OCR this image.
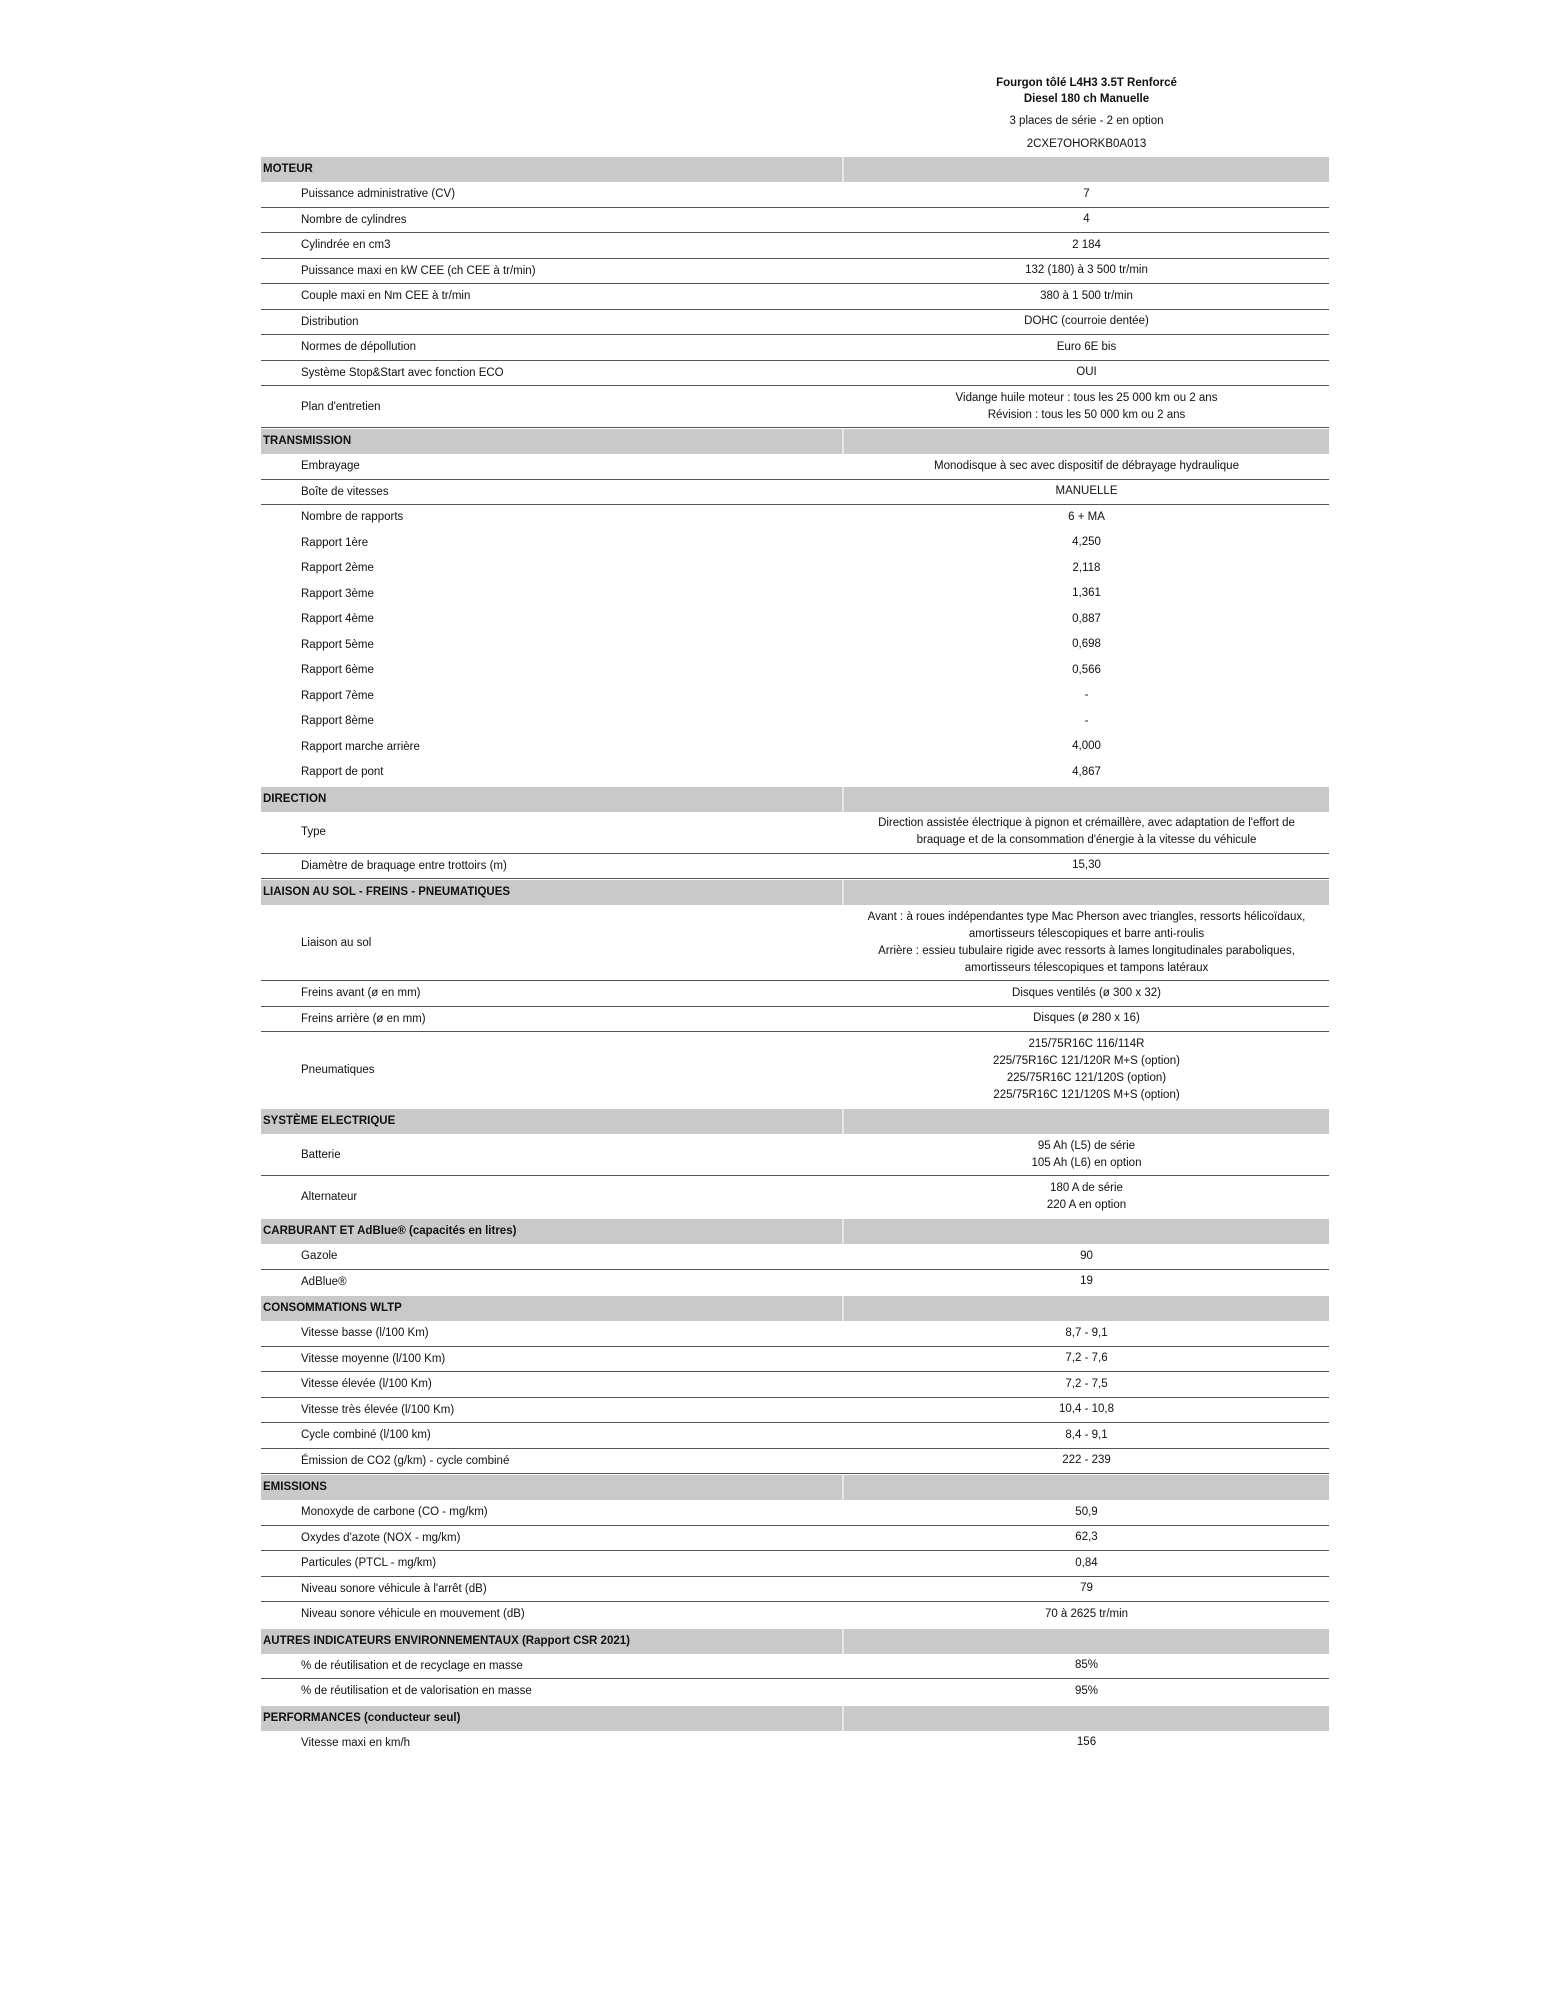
Fourgon tôlé L4H3 3.5T Renforcé
Diesel 180 ch Manuelle
3 places de série - 2 en option
2CXE7OHORKB0A013
MOTEUR
Puissance administrative (CV)	7
Nombre de cylindres	4
Cylindrée en cm3	2 184
Puissance maxi en kW CEE (ch CEE à tr/min)	132 (180) à 3 500 tr/min
Couple maxi en Nm CEE à tr/min	380 à 1 500 tr/min
Distribution	DOHC (courroie dentée)
Normes de dépollution	Euro 6E bis
Système Stop&Start avec fonction ECO	OUI
Plan d'entretien
Vidange huile moteur : tous les 25 000 km ou 2 ans
Révision : tous les 50 000 km ou 2 ans
TRANSMISSION
Embrayage	Monodisque à sec avec dispositif de débrayage hydraulique
Boîte de vitesses	MANUELLE
Nombre de rapports	6 + MA
Rapport 1ère	4,250
Rapport 2ème	2,118
Rapport 3ème	1,361
Rapport 4ème	0,887
Rapport 5ème	0,698
Rapport 6ème	0,566
Rapport 7ème	-
Rapport 8ème	-
Rapport marche arrière	4,000
Rapport de pont	4,867
DIRECTION
Type
Direction assistée électrique à pignon et crémaillère, avec adaptation de l'effort de
braquage et de la consommation d'énergie à la vitesse du véhicule
Diamètre de braquage entre trottoirs (m)	15,30
LIAISON AU SOL - FREINS - PNEUMATIQUES
Liaison au sol
Avant : à roues indépendantes type Mac Pherson avec triangles, ressorts hélicoïdaux,
amortisseurs télescopiques et barre anti-roulis
Arrière : essieu tubulaire rigide avec ressorts à lames longitudinales paraboliques,
amortisseurs télescopiques et tampons latéraux
Freins avant (ø en mm)	Disques ventilés (ø 300 x 32)
Freins arrière (ø en mm)	Disques (ø 280 x 16)
Pneumatiques
215/75R16C 116/114R
225/75R16C 121/120R M+S (option)
225/75R16C 121/120S (option)
225/75R16C 121/120S M+S (option)
SYSTÈME ELECTRIQUE
Batterie
95 Ah (L5) de série
105 Ah (L6) en option
Alternateur
180 A de série
220 A en option
CARBURANT ET AdBlue® (capacités en litres)
Gazole	90
AdBlue®	19
CONSOMMATIONS WLTP
Vitesse basse (l/100 Km)	8,7 - 9,1
Vitesse moyenne (l/100 Km)	7,2 - 7,6
Vitesse élevée (l/100 Km)	7,2 - 7,5
Vitesse très élevée (l/100 Km)	10,4 - 10,8
Cycle combiné (l/100 km)	8,4 - 9,1
Émission de CO2 (g/km) - cycle combiné	222 - 239
EMISSIONS
Monoxyde de carbone (CO - mg/km)	50,9
Oxydes d'azote (NOX - mg/km)	62,3
Particules (PTCL - mg/km)	0,84
Niveau sonore véhicule à l'arrêt (dB)	79
Niveau sonore véhicule en mouvement (dB)	70 à 2625 tr/min
AUTRES INDICATEURS ENVIRONNEMENTAUX (Rapport CSR 2021)
% de réutilisation et de recyclage en masse	85%
% de réutilisation et de valorisation en masse	95%
PERFORMANCES (conducteur seul)
Vitesse maxi en km/h	156
